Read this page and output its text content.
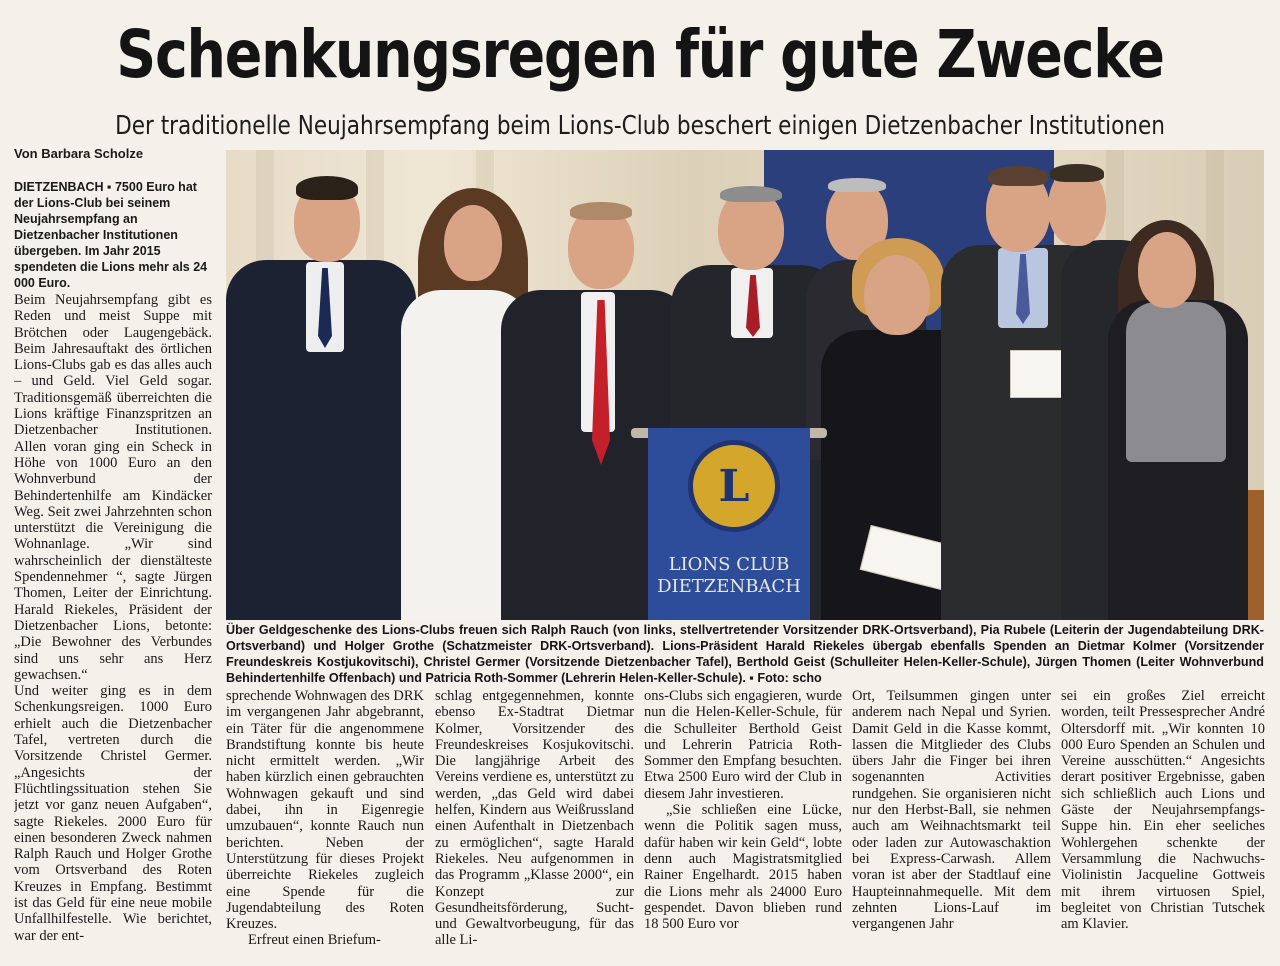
Schenkungsregen für gute Zwecke
Der traditionelle Neujahrsempfang beim Lions-Club beschert einigen Dietzenbacher Institutionen
Von Barbara Scholze
DIETZENBACH ▪ 7500 Euro hat der Lions-Club bei seinem Neujahrsempfang an Dietzenbacher Institutionen übergeben. Im Jahr 2015 spendeten die Lions mehr als 24 000 Euro.

Beim Neujahrsempfang gibt es Reden und meist Suppe mit Brötchen oder Laugengebäck. Beim Jahresauftakt des örtlichen Lions-Clubs gab es das alles auch – und Geld. Viel Geld sogar. Traditionsgemäß überreichten die Lions kräftige Finanzspritzen an Dietzenbacher Institutionen. Allen voran ging ein Scheck in Höhe von 1000 Euro an den Wohnverbund der Behindertenhilfe am Kindäcker Weg. Seit zwei Jahrzehnten schon unterstützt die Vereinigung die Wohnanlage. „Wir sind wahrscheinlich der dienstälteste Spendennehmer “, sagte Jürgen Thomen, Leiter der Einrichtung. Harald Riekeles, Präsident der Dietzenbacher Lions, betonte: „Die Bewohner des Verbundes sind uns sehr ans Herz gewachsen.“

Und weiter ging es in dem Schenkungsreigen. 1000 Euro erhielt auch die Dietzenbacher Tafel, vertreten durch die Vorsitzende Christel Germer. „Angesichts der Flüchtlingssituation stehen Sie jetzt vor ganz neuen Aufgaben“, sagte Riekeles. 2000 Euro für einen besonderen Zweck nahmen Ralph Rauch und Holger Grothe vom Ortsverband des Roten Kreuzes in Empfang. Bestimmt ist das Geld für eine neue mobile Unfallhilfestelle. Wie berichtet, war der ent-

L
LIONS CLUB
DIETZENBACH
Über Geldgeschenke des Lions-Clubs freuen sich Ralph Rauch (von links, stellvertretender Vorsitzender DRK-Ortsverband), Pia Rubele (Leiterin der Jugendabteilung DRK-Ortsverband) und Holger Grothe (Schatzmeister DRK-Ortsverband). Lions-Präsident Harald Riekeles übergab ebenfalls Spenden an Dietmar Kolmer (Vorsitzender Freundeskreis Kostjukovitschi), Christel Germer (Vorsitzende Dietzenbacher Tafel), Berthold Geist (Schulleiter Helen-Keller-Schule), Jürgen Thomen (Leiter Wohnverbund Behindertenhilfe Offenbach) und Patricia Roth-Sommer (Lehrerin Helen-Keller-Schule). ▪ Foto: scho

sprechende Wohnwagen des DRK im vergangenen Jahr abgebrannt, ein Täter für die angenommene Brandstiftung konnte bis heute nicht ermittelt werden. „Wir haben kürzlich einen gebrauchten Wohnwagen gekauft und sind dabei, ihn in Eigenregie umzubauen“, konnte Rauch nun berichten. Neben der Unterstützung für dieses Projekt überreichte Riekeles zugleich eine Spende für die Jugendabteilung des Roten Kreuzes.

Erfreut einen Briefum-

schlag entgegennehmen, konnte ebenso Ex-Stadtrat Dietmar Kolmer, Vorsitzender des Freundeskreises Kosjukovitschi. Die langjährige Arbeit des Vereins verdiene es, unterstützt zu werden, „das Geld wird dabei helfen, Kindern aus Weißrussland einen Aufenthalt in Dietzenbach zu ermöglichen“, sagte Harald Riekeles. Neu aufgenommen in das Programm „Klasse 2000“, ein Konzept zur Gesundheitsförderung, Sucht- und Gewaltvorbeugung, für das alle Li-

ons-Clubs sich engagieren, wurde nun die Helen-Keller-Schule, für die Schulleiter Berthold Geist und Lehrerin Patricia Roth-Sommer den Empfang besuchten. Etwa 2500 Euro wird der Club in diesem Jahr investieren.

„Sie schließen eine Lücke, wenn die Politik sagen muss, dafür haben wir kein Geld“, lobte denn auch Magistratsmitglied Rainer Engelhardt. 2015 haben die Lions mehr als 24000 Euro gespendet. Davon blieben rund 18 500 Euro vor

Ort, Teilsummen gingen unter anderem nach Nepal und Syrien. Damit Geld in die Kasse kommt, lassen die Mitglieder des Clubs übers Jahr die Finger bei ihren sogenannten Activities rundgehen. Sie organisieren nicht nur den Herbst-Ball, sie nehmen auch am Weihnachtsmarkt teil oder laden zur Autowaschaktion bei Express-Carwash. Allem voran ist aber der Stadtlauf eine Haupteinnahmequelle. Mit dem zehnten Lions-Lauf im vergangenen Jahr

sei ein großes Ziel erreicht worden, teilt Pressesprecher André Oltersdorff mit. „Wir konnten 10 000 Euro Spenden an Schulen und Vereine ausschütten.“ Angesichts derart positiver Ergebnisse, gaben sich schließlich auch Lions und Gäste der Neujahrsempfangs-Suppe hin. Ein eher seeliches Wohlergehen schenkte der Versammlung die Nachwuchs-Violinistin Jacqueline Gottweis mit ihrem virtuosen Spiel, begleitet von Christian Tutschek am Klavier.
